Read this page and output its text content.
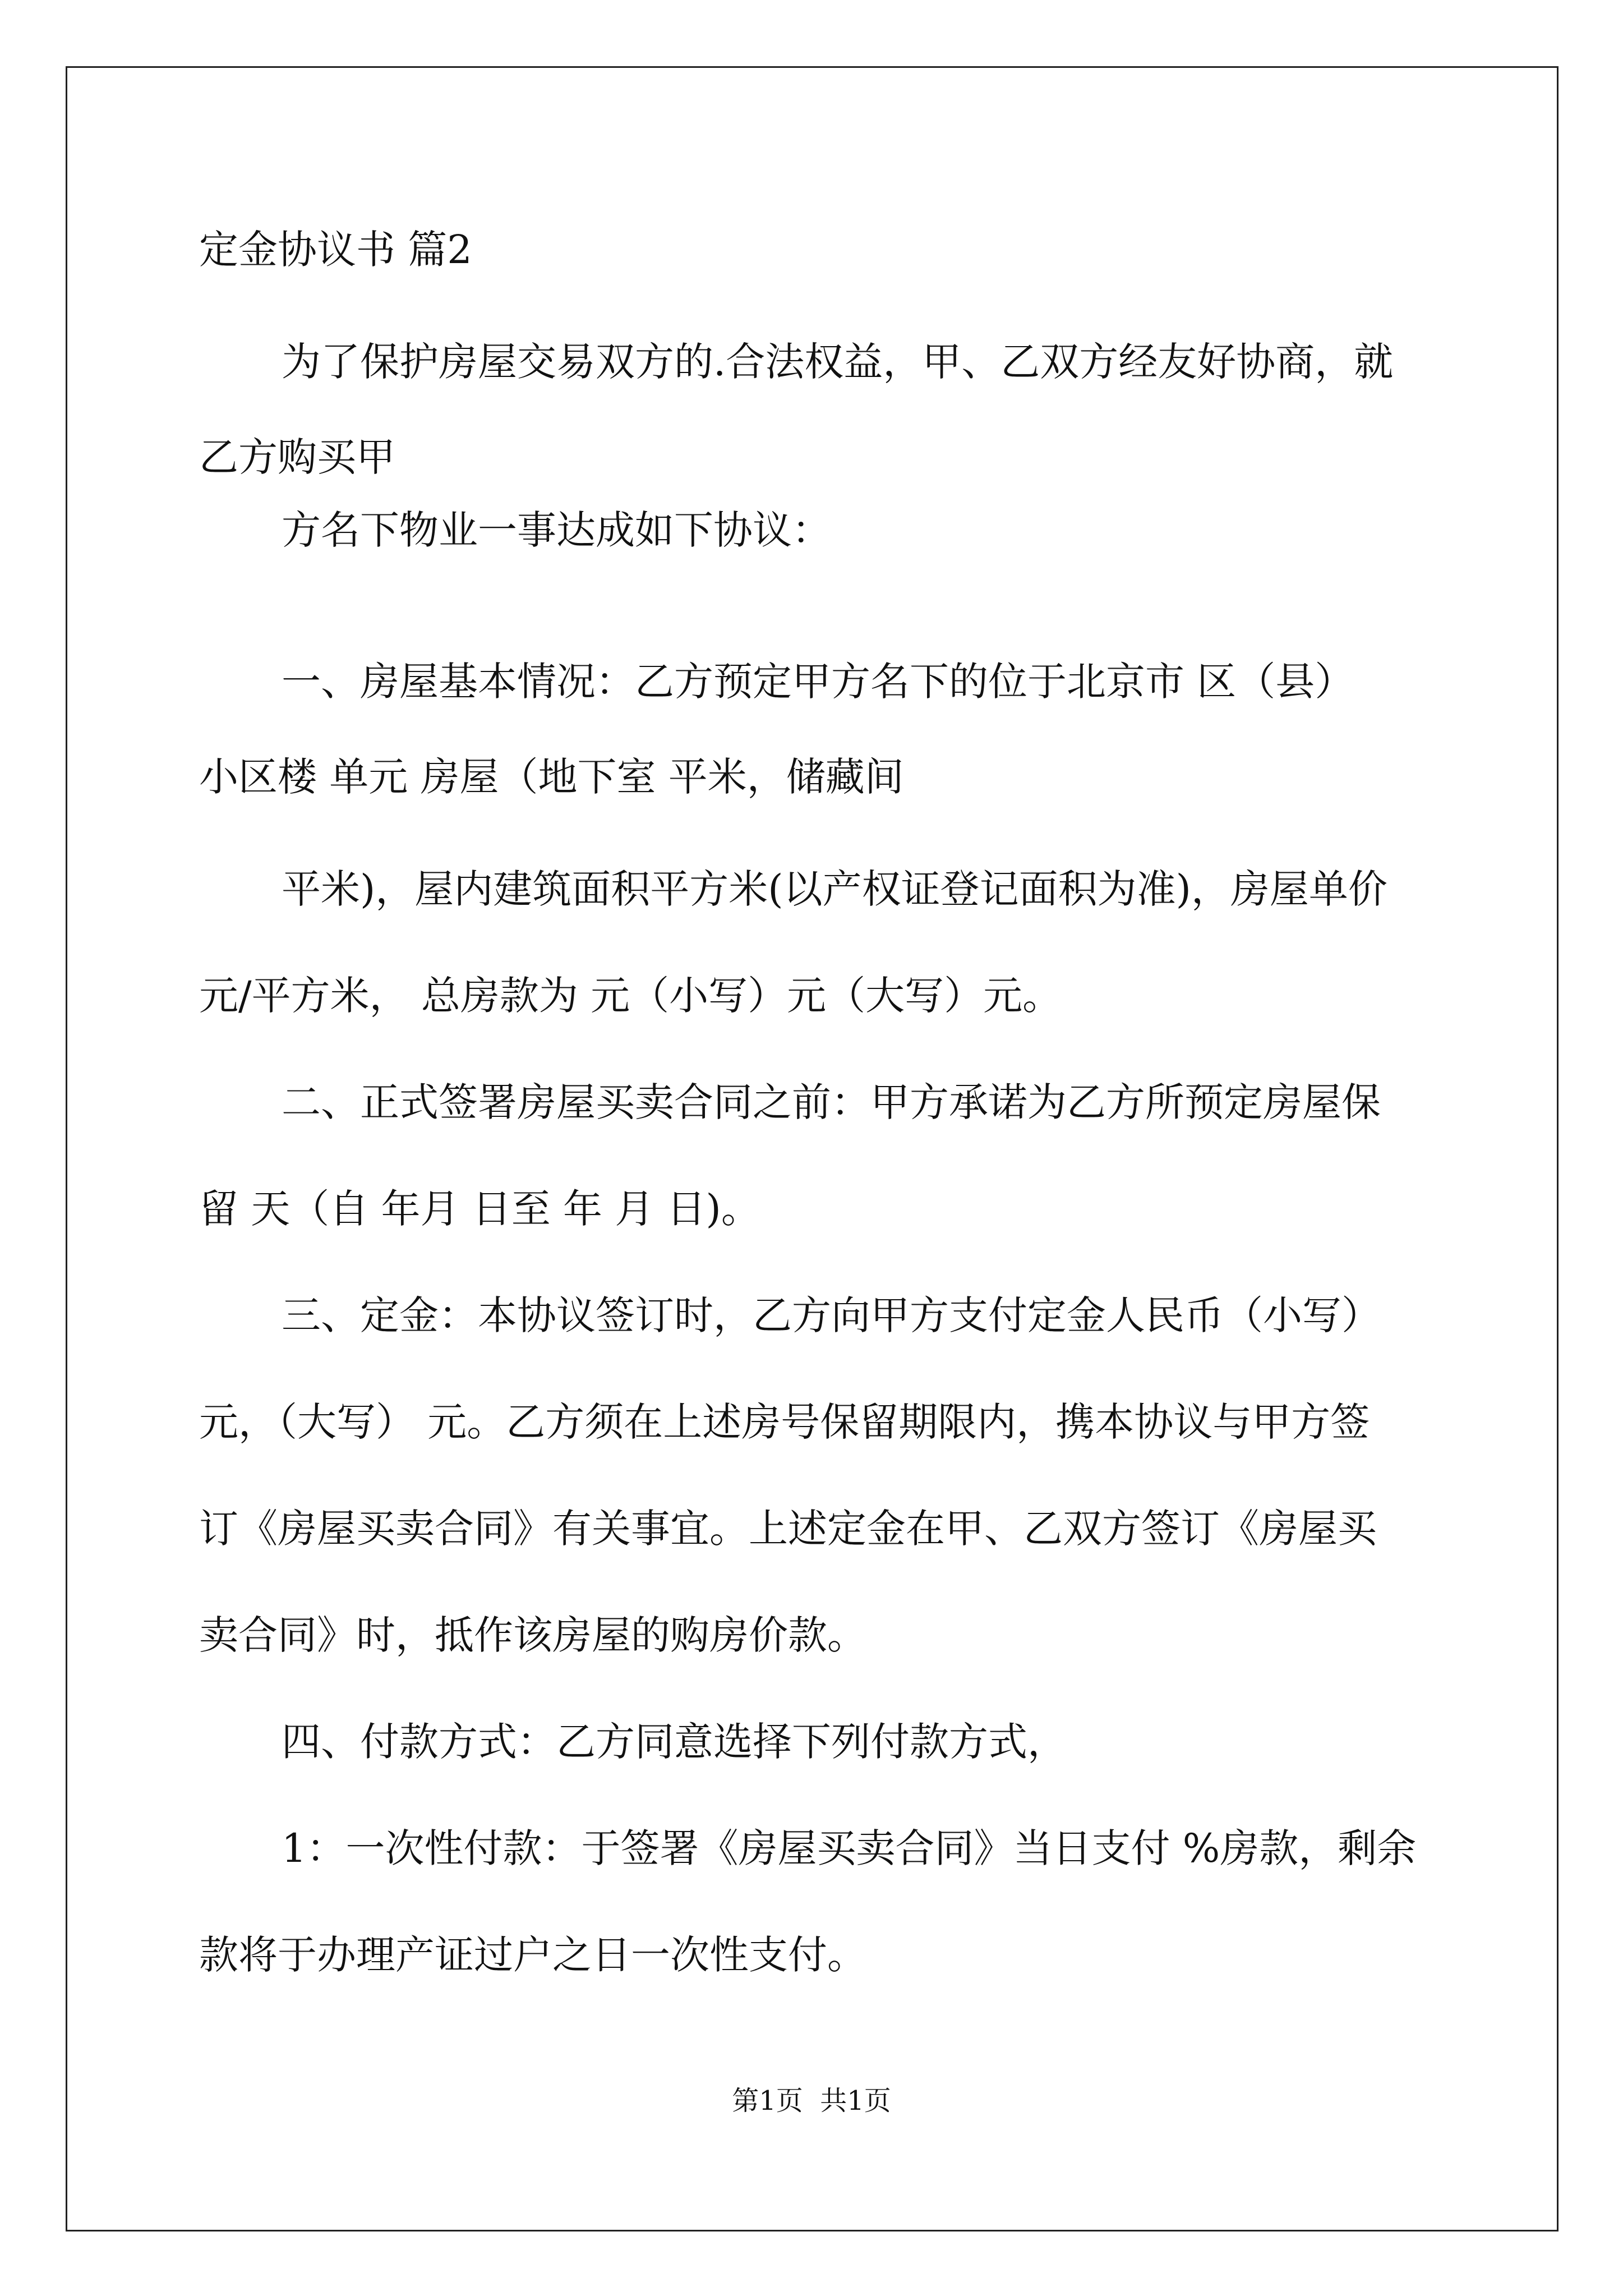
定金协议书 篇2
为了保护房屋交易双方的.合法权益，甲、乙双方经友好协商，就
乙方购买甲
方名下物业一事达成如下协议：
一、房屋基本情况：乙方预定甲方名下的位于北京市 区（县）
小区楼 单元 房屋（地下室 平米，储藏间
平米)，屋内建筑面积平方米(以产权证登记面积为准)，房屋单价
元/平方米， 总房款为 元（小写）元（大写）元。
二、正式签署房屋买卖合同之前：甲方承诺为乙方所预定房屋保
留 天（自 年月 日至 年 月 日)。
三、定金：本协议签订时，乙方向甲方支付定金人民币（小写）
元，（大写） 元。乙方须在上述房号保留期限内，携本协议与甲方签
订《房屋买卖合同》有关事宜。上述定金在甲、乙双方签订《房屋买
卖合同》时，抵作该房屋的购房价款。
四、付款方式：乙方同意选择下列付款方式，
1：一次性付款：于签署《房屋买卖合同》当日支付 %房款，剩余
款将于办理产证过户之日一次性支付。
第1页  共1页
